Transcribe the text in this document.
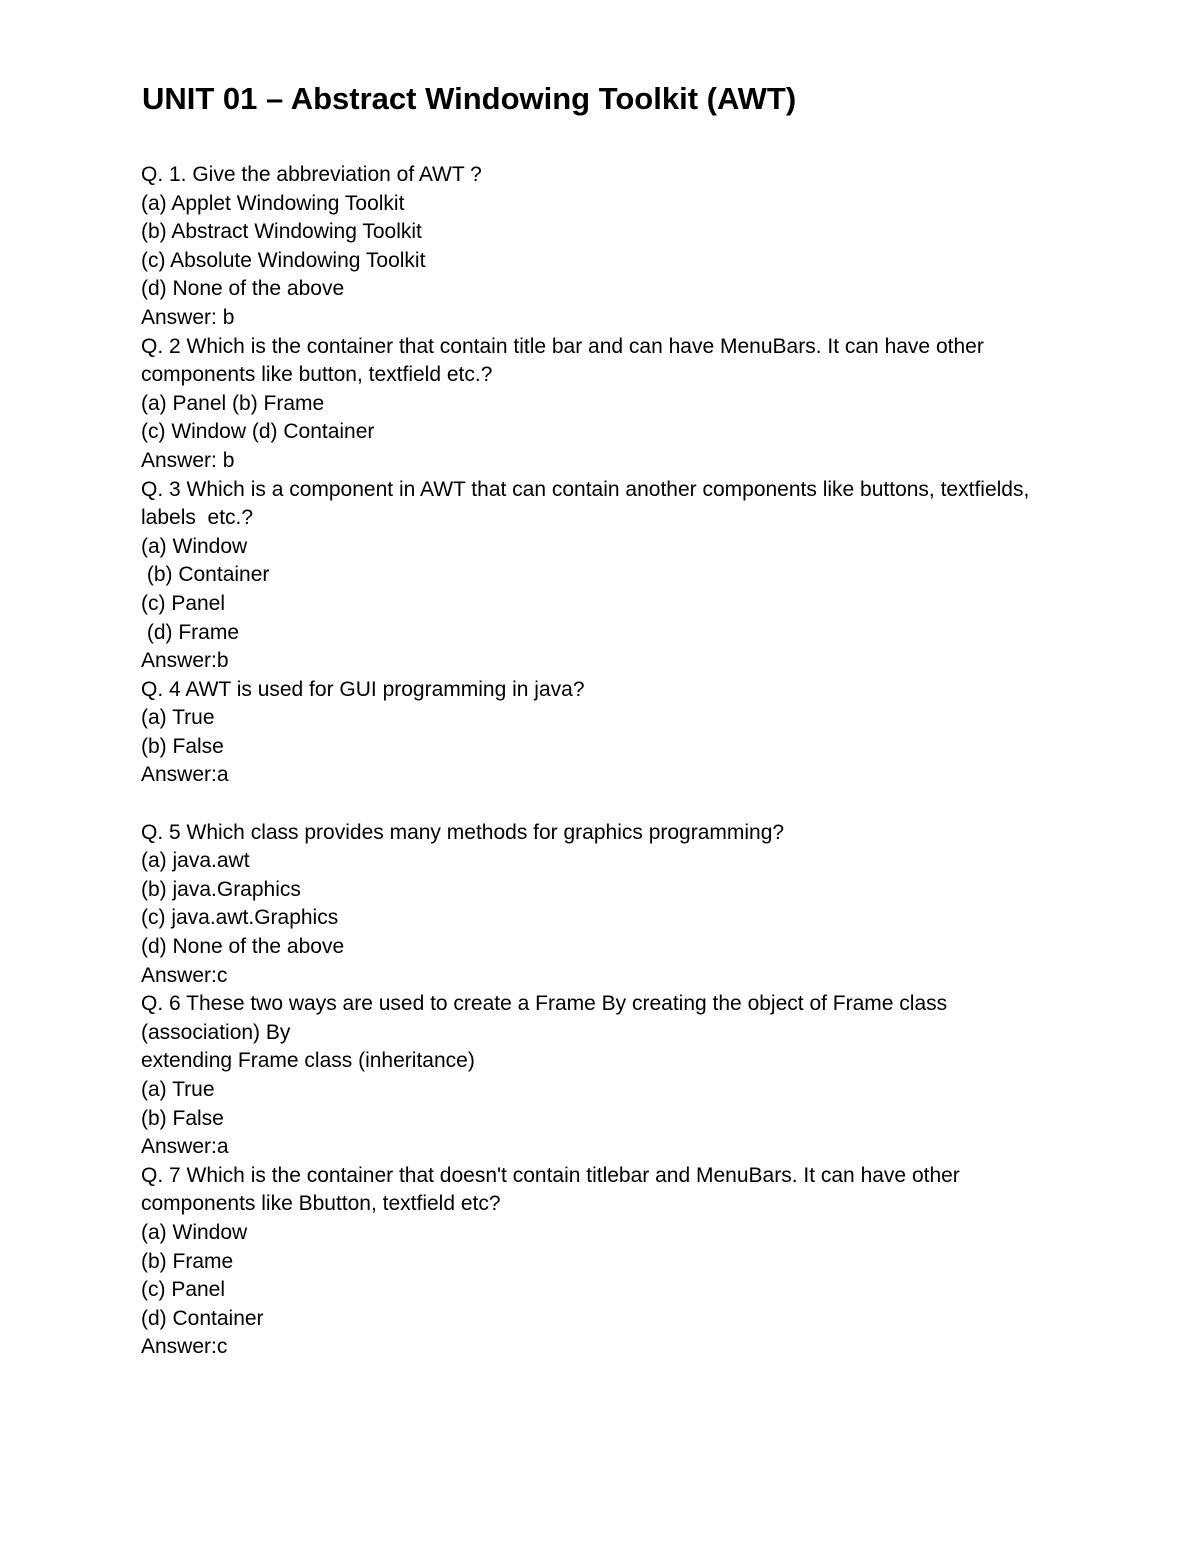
UNIT 01 – Abstract Windowing Toolkit (AWT)
Q. 1. Give the abbreviation of AWT ?
(a) Applet Windowing Toolkit
(b) Abstract Windowing Toolkit
(c) Absolute Windowing Toolkit
(d) None of the above
Answer: b
Q. 2 Which is the container that contain title bar and can have MenuBars. It can have other
components like button, textfield etc.?
(a) Panel (b) Frame
(c) Window (d) Container
Answer: b
Q. 3 Which is a component in AWT that can contain another components like buttons, textfields,
labels  etc.?
(a) Window
(b) Container
(c) Panel
(d) Frame
Answer:b
Q. 4 AWT is used for GUI programming in java?
(a) True
(b) False
Answer:a
Q. 5 Which class provides many methods for graphics programming?
(a) java.awt
(b) java.Graphics
(c) java.awt.Graphics
(d) None of the above
Answer:c
Q. 6 These two ways are used to create a Frame By creating the object of Frame class
(association) By
extending Frame class (inheritance)
(a) True
(b) False
Answer:a
Q. 7 Which is the container that doesn't contain titlebar and MenuBars. It can have other
components like Bbutton, textfield etc?
(a) Window
(b) Frame
(c) Panel
(d) Container
Answer:c
